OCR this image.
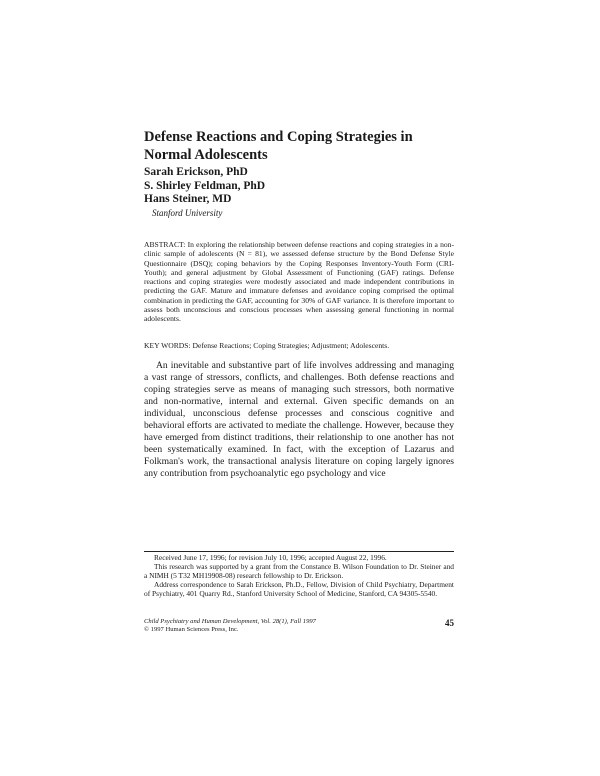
Defense Reactions and Coping Strategies in
Normal Adolescents
Sarah Erickson, PhD
S. Shirley Feldman, PhD
Hans Steiner, MD
Stanford University
ABSTRACT: In exploring the relationship between defense reactions and coping strategies in a non-clinic sample of adolescents (N = 81), we assessed defense structure by the Bond Defense Style Questionnaire (DSQ); coping behaviors by the Coping Responses Inventory-Youth Form (CRI-Youth); and general adjustment by Global Assessment of Functioning (GAF) ratings. Defense reactions and coping strategies were modestly associated and made independent contributions in predicting the GAF. Mature and immature defenses and avoidance coping comprised the optimal combination in predicting the GAF, accounting for 30% of GAF variance. It is therefore important to assess both unconscious and conscious processes when assessing general functioning in normal adolescents.
KEY WORDS: Defense Reactions; Coping Strategies; Adjustment; Adolescents.

An inevitable and substantive part of life involves addressing and managing a vast range of stressors, conflicts, and challenges. Both defense reactions and coping strategies serve as means of managing such stressors, both normative and non-normative, internal and external. Given specific demands on an individual, unconscious defense processes and conscious cognitive and behavioral efforts are activated to mediate the challenge. However, because they have emerged from distinct traditions, their relationship to one another has not been systematically examined. In fact, with the exception of Lazarus and Folkman's work, the transactional analysis literature on coping largely ignores any contribution from psychoanalytic ego psychology and vice

Received June 17, 1996; for revision July 10, 1996; accepted August 22, 1996.

This research was supported by a grant from the Constance B. Wilson Foundation to Dr. Steiner and a NIMH (5 T32 MH19908-08) research fellowship to Dr. Erickson.

Address correspondence to Sarah Erickson, Ph.D., Fellow, Division of Child Psychiatry, Department of Psychiatry, 401 Quarry Rd., Stanford University School of Medicine, Stanford, CA 94305-5540.

Child Psychiatry and Human Development, Vol. 28(1), Fall 1997
© 1997 Human Sciences Press, Inc.
45
